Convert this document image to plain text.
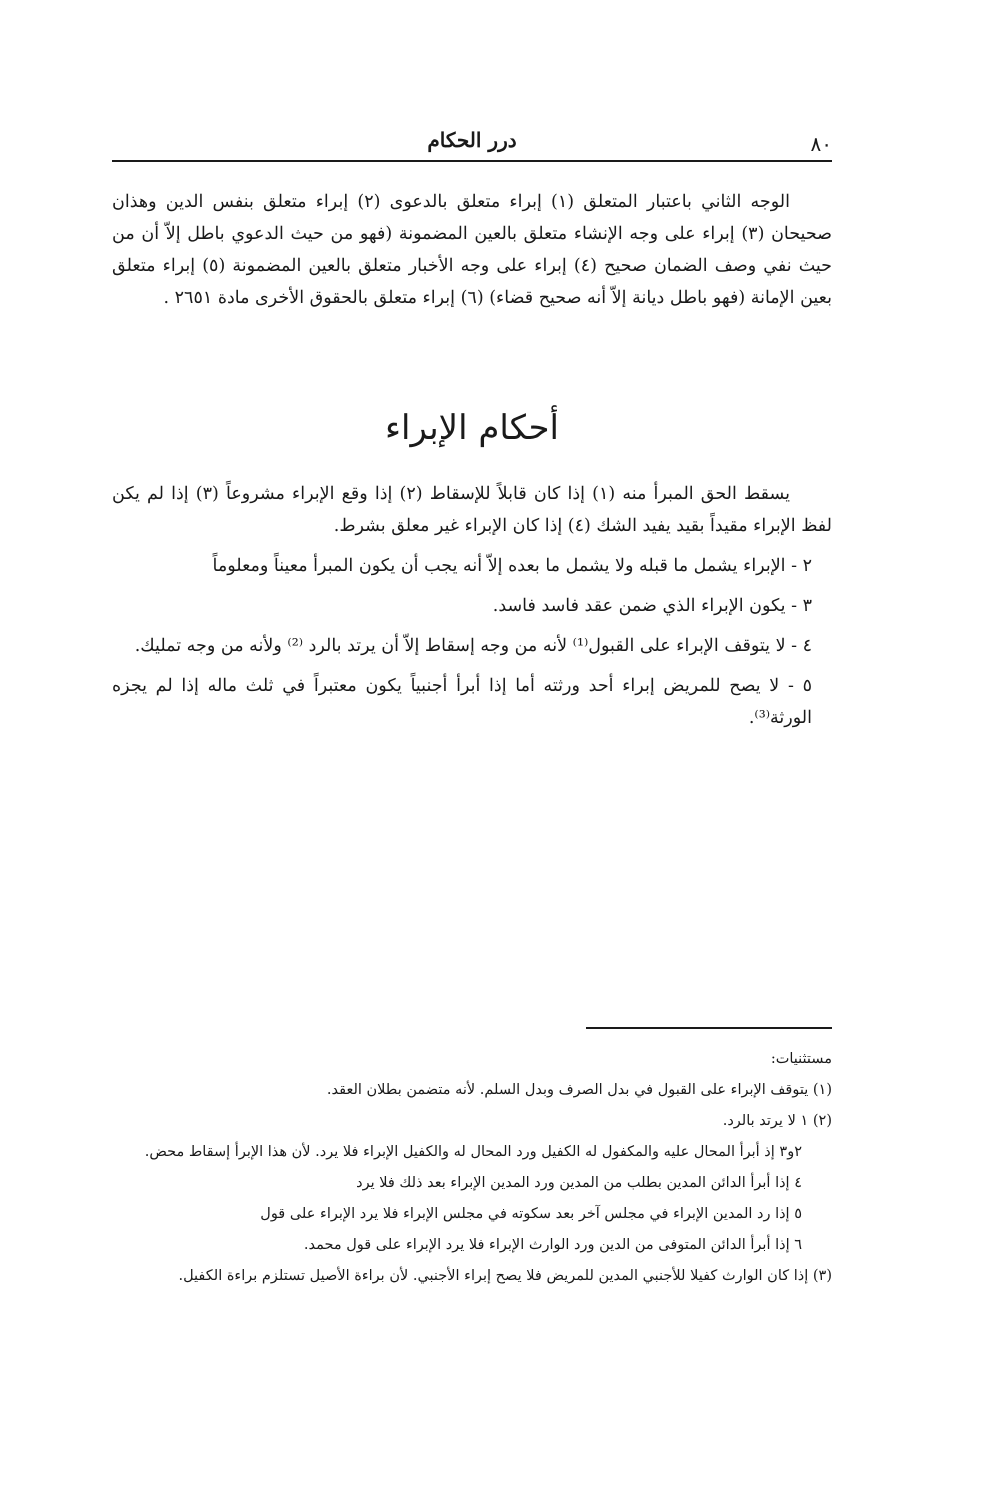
درر الحكام	٨٠

الوجه الثاني باعتبار المتعلق (١) إبراء متعلق بالدعوى (٢) إبراء متعلق بنفس الدين وهذان صحيحان (٣) إبراء على وجه الإنشاء متعلق بالعين المضمونة (فهو من حيث الدعوي باطل إلاّ أن من حيث نفي وصف الضمان صحيح (٤) إبراء على وجه الأخبار متعلق بالعين المضمونة (٥) إبراء متعلق بعين الإمانة (فهو باطل ديانة إلاّ أنه صحيح قضاء) (٦) إبراء متعلق بالحقوق الأخرى مادة ٢٦٥١ .

أحكام الإبراء

يسقط الحق المبرأ منه (١) إذا كان قابلاً للإسقاط (٢) إذا وقع الإبراء مشروعاً (٣) إذا لم يكن لفظ الإبراء مقيداً بقيد يفيد الشك (٤) إذا كان الإبراء غير معلق بشرط.

٢ - الإبراء يشمل ما قبله ولا يشمل ما بعده إلاّ أنه يجب أن يكون المبرأ معيناً ومعلوماً

٣ - يكون الإبراء الذي ضمن عقد فاسد فاسد.

٤ - لا يتوقف الإبراء على القبول⁽¹⁾ لأنه من وجه إسقاط إلاّ أن يرتد بالرد ⁽²⁾ ولأنه من وجه تمليك.

٥ - لا يصح للمريض إبراء أحد ورثته أما إذا أبرأ أجنبياً يكون معتبراً في ثلث ماله إذا لم يجزه الورثة⁽³⁾.

مستثنيات:

(١) يتوقف الإبراء على القبول في بدل الصرف وبدل السلم. لأنه متضمن بطلان العقد.

(٢) ١ لا يرتد بالرد.

٢و٣ إذ أبرأ المحال عليه والمكفول له الكفيل ورد المحال له والكفيل الإبراء فلا يرد. لأن هذا الإبرأ إسقاط محض.

٤ إذا أبرأ الدائن المدين بطلب من المدين ورد المدين الإبراء بعد ذلك فلا يرد

٥ إذا رد المدين الإبراء في مجلس آخر بعد سكوته في مجلس الإبراء فلا يرد الإبراء على قول

٦ إذا أبرأ الدائن المتوفى من الدين ورد الوارث الإبراء فلا يرد الإبراء على قول محمد.

(٣) إذا كان الوارث كفيلا للأجنبي المدين للمريض فلا يصح إبراء الأجنبي. لأن براءة الأصيل تستلزم براءة الكفيل.
